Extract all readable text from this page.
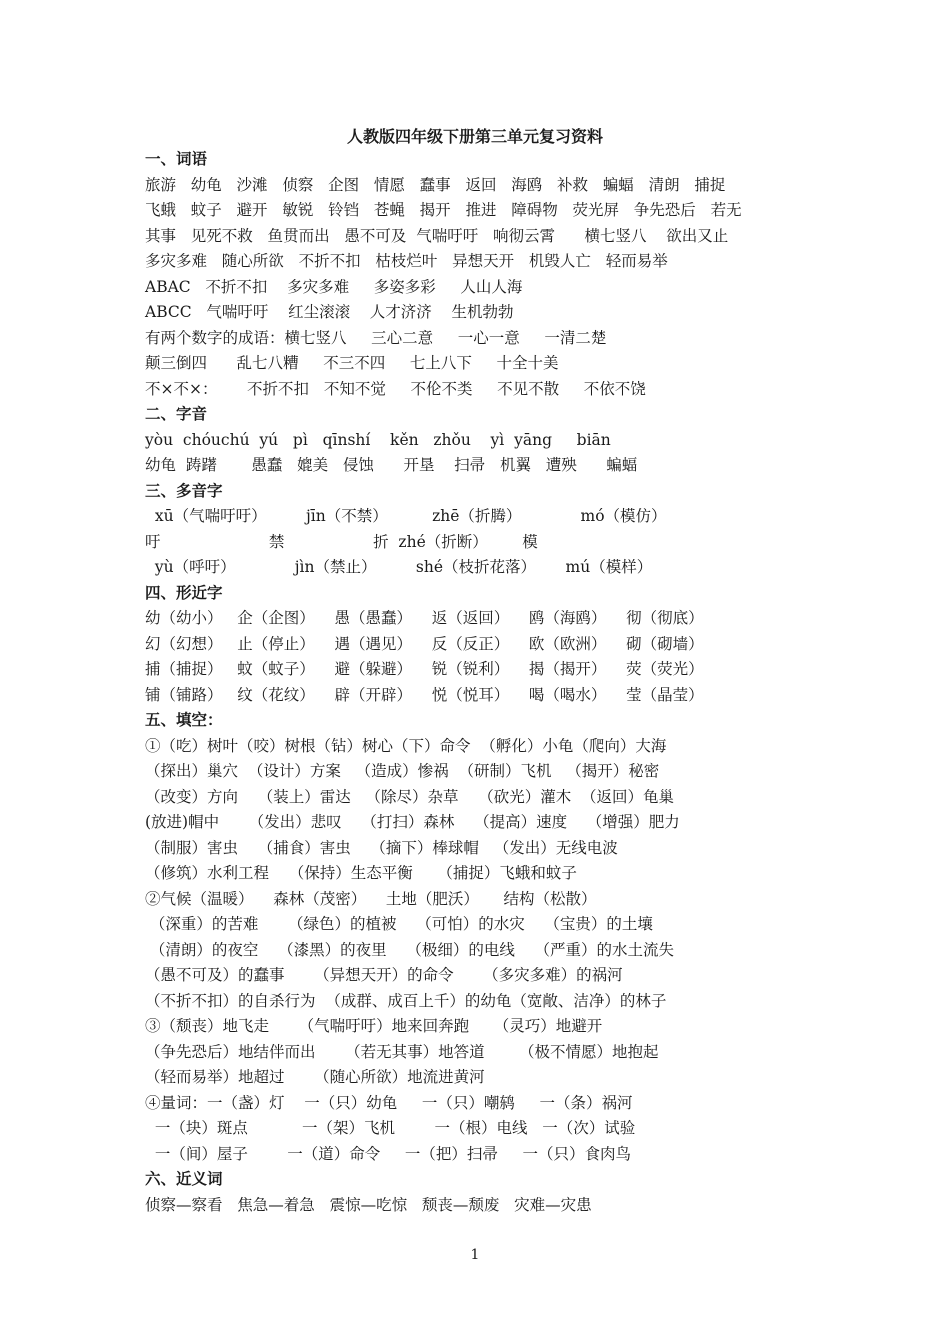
人教版四年级下册第三单元复习资料
一、词语
旅游   幼龟   沙滩   侦察   企图   情愿   蠢事   返回   海鸥   补救   蝙蝠   清朗   捕捉
飞蛾   蚊子   避开   敏锐   铃铛   苍蝇   揭开   推进   障碍物   荧光屏   争先恐后   若无
其事   见死不救   鱼贯而出   愚不可及  气喘吁吁   响彻云霄      横七竖八    欲出又止
多灾多难   随心所欲   不折不扣   枯枝烂叶   异想天开   机毁人亡   轻而易举
ABAC   不折不扣    多灾多难     多姿多彩     人山人海
ABCC   气喘吁吁    红尘滚滚    人才济济    生机勃勃
有两个数字的成语：横七竖八     三心二意     一心一意     一清二楚
颠三倒四      乱七八糟     不三不四     七上八下     十全十美
不×不×：      不折不扣   不知不觉     不伦不类     不见不散     不依不饶
二、字音
yòu  chóuchú  yú   pì   qīnshí    kěn   zhǒu    yì  yāng     biān
幼龟  踌躇       愚蠢   媲美   侵蚀      开垦    扫帚   机翼   遭殃      蝙蝠
三、多音字
xū（气喘吁吁）        jīn（不禁）         zhē（折腾）            mó（模仿）
吁                      禁                  折  zhé（折断）       模
yù（呼吁）            jìn（禁止）        shé（枝折花落）      mú（模样）
四、形近字
幼（幼小）   企（企图）    愚（愚蠢）    返（返回）    鸥（海鸥）    彻（彻底）
幻（幻想）   止（停止）    遇（遇见）    反（反正）    欧（欧洲）    砌（砌墙）
捕（捕捉）   蚊（蚊子）    避（躲避）    锐（锐利）    揭（揭开）    荧（荧光）
铺（铺路）   纹（花纹）    辟（开辟）    悦（悦耳）    喝（喝水）    莹（晶莹）
五、填空：
①（吃）树叶（咬）树根（钻）树心（下）命令  （孵化）小龟（爬向）大海
（探出）巢穴  （设计）方案   （造成）惨祸  （研制）飞机   （揭开）秘密
（改变）方向    （装上）雷达   （除尽）杂草    （砍光）灌木  （返回）龟巢
(放进)帽中      （发出）悲叹    （打扫）森林    （提高）速度    （增强）肥力
（制服）害虫    （捕食）害虫    （摘下）棒球帽   （发出）无线电波
（修筑）水利工程    （保持）生态平衡     （捕捉）飞蛾和蚊子
②气候（温暖）    森林（茂密）    土地（肥沃）     结构（松散）
（深重）的苦难      （绿色）的植被    （可怕）的水灾    （宝贵）的土壤
（清朗）的夜空    （漆黑）的夜里    （极细）的电线    （严重）的水土流失
（愚不可及）的蠢事      （异想天开）的命令      （多灾多难）的祸河
（不折不扣）的自杀行为  （成群、成百上千）的幼龟（宽敞、洁净）的林子
③（颓丧）地飞走      （气喘吁吁）地来回奔跑     （灵巧）地避开
（争先恐后）地结伴而出      （若无其事）地答道       （极不情愿）地抱起
（轻而易举）地超过      （随心所欲）地流进黄河
④量词：一（盏）灯    一（只）幼龟     一（只）嘲鸫     一（条）祸河
一（块）斑点           一（架）飞机        一（根）电线   一（次）试验
一（间）屋子        一（道）命令     一（把）扫帚     一（只）食肉鸟
六、近义词
侦察—察看   焦急—着急   震惊—吃惊   颓丧—颓废   灾难—灾患
1
